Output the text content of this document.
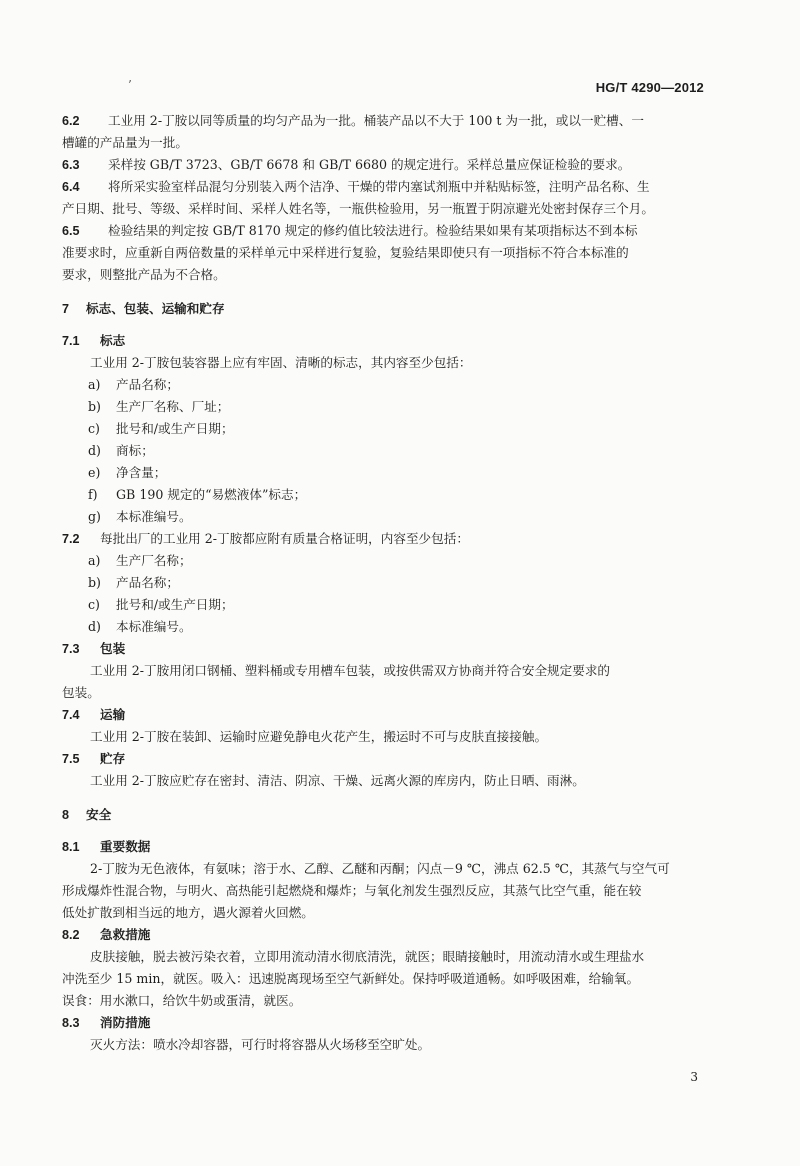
’	HG/T 4290—2012
6.2 工业用 2-丁胺以同等质量的均匀产品为一批。桶装产品以不大于 100 t 为一批，或以一贮槽、一
槽罐的产品量为一批。
6.3 采样按 GB/T 3723、GB/T 6678 和 GB/T 6680 的规定进行。采样总量应保证检验的要求。
6.4 将所采实验室样品混匀分别装入两个洁净、干燥的带内塞试剂瓶中并粘贴标签，注明产品名称、生
产日期、批号、等级、采样时间、采样人姓名等，一瓶供检验用，另一瓶置于阴凉避光处密封保存三个月。
6.5 检验结果的判定按 GB/T 8170 规定的修约值比较法进行。检验结果如果有某项指标达不到本标
准要求时，应重新自两倍数量的采样单元中采样进行复验，复验结果即使只有一项指标不符合本标准的
要求，则整批产品为不合格。
7 标志、包装、运输和贮存
7.1 标志
工业用 2-丁胺包装容器上应有牢固、清晰的标志，其内容至少包括：
a) 产品名称；
b) 生产厂名称、厂址；
c) 批号和/或生产日期；
d) 商标；
e) 净含量；
f) GB 190 规定的“易燃液体”标志；
g) 本标准编号。
7.2 每批出厂的工业用 2-丁胺都应附有质量合格证明，内容至少包括：
a) 生产厂名称；
b) 产品名称；
c) 批号和/或生产日期；
d) 本标准编号。
7.3 包装
工业用 2-丁胺用闭口钢桶、塑料桶或专用槽车包装，或按供需双方协商并符合安全规定要求的
包装。
7.4 运输
工业用 2-丁胺在装卸、运输时应避免静电火花产生，搬运时不可与皮肤直接接触。
7.5 贮存
工业用 2-丁胺应贮存在密封、清洁、阴凉、干燥、远离火源的库房内，防止日晒、雨淋。
8 安全
8.1 重要数据
2-丁胺为无色液体，有氨味；溶于水、乙醇、乙醚和丙酮；闪点－9 ℃，沸点 62.5 ℃，其蒸气与空气可
形成爆炸性混合物，与明火、高热能引起燃烧和爆炸；与氧化剂发生强烈反应，其蒸气比空气重，能在较
低处扩散到相当远的地方，遇火源着火回燃。
8.2 急救措施
皮肤接触，脱去被污染衣着，立即用流动清水彻底清洗，就医；眼睛接触时，用流动清水或生理盐水
冲洗至少 15 min，就医。吸入：迅速脱离现场至空气新鲜处。保持呼吸道通畅。如呼吸困难，给输氧。
误食：用水漱口，给饮牛奶或蛋清，就医。
8.3 消防措施
灭火方法：喷水冷却容器，可行时将容器从火场移至空旷处。
3
